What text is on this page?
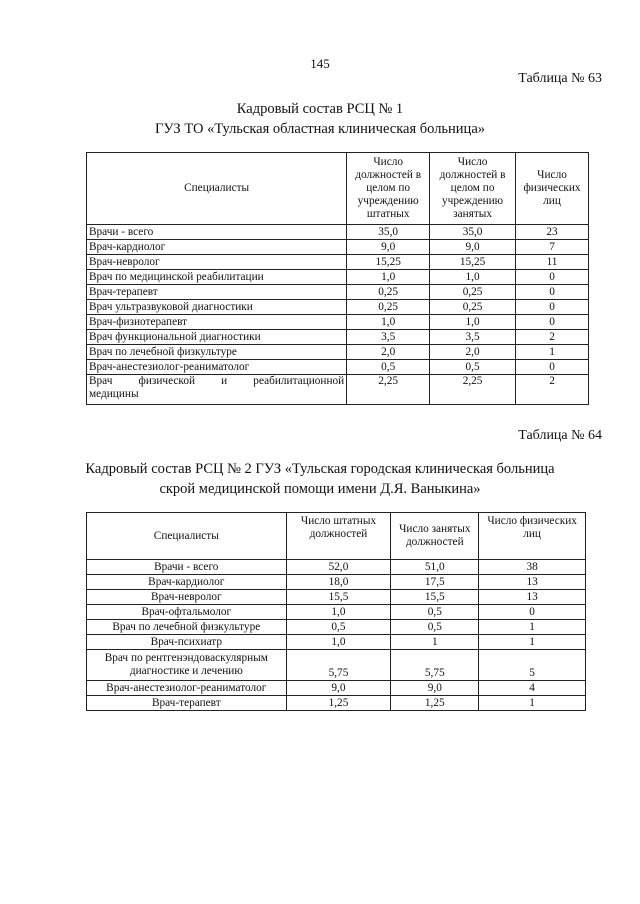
145
Таблица № 63
Кадровый состав РСЦ № 1
ГУЗ ТО «Тульская областная клиническая больница»
Специалисты	Число должностей в целом по учреждению штатных	Число должностей в целом по учреждению занятых	Число физических лиц
Врачи - всего	35,0	35,0	23
Врач-кардиолог	9,0	9,0	7
Врач-невролог	15,25	15,25	11
Врач по медицинской реабилитации	1,0	1,0	0
Врач-терапевт	0,25	0,25	0
Врач ультразвуковой диагностики	0,25	0,25	0
Врач-физиотерапевт	1,0	1,0	0
Врач функциональной диагностики	3,5	3,5	2
Врач по лечебной физкультуре	2,0	2,0	1
Врач-анестезиолог-реаниматолог	0,5	0,5	0

Врач физической и реабилитационной
медицины	2,25	2,25	2
Таблица № 64
Кадровый состав РСЦ № 2 ГУЗ «Тульская городская клиническая больница
скрой медицинской помощи имени Д.Я. Ваныкина»
Специалисты	Число штатных должностей	Число занятых должностей	Число физических лиц
Врачи - всего	52,0	51,0	38
Врач-кардиолог	18,0	17,5	13
Врач-невролог	15,5	15,5	13
Врач-офтальмолог	1,0	0,5	0
Врач по лечебной физкультуре	0,5	0,5	1
Врач-психиатр	1,0	1	1
Врач по рентгенэндоваскулярным диагностике и лечению	5,75	5,75	5
Врач-анестезиолог-реаниматолог	9,0	9,0	4
Врач-терапевт	1,25	1,25	1
